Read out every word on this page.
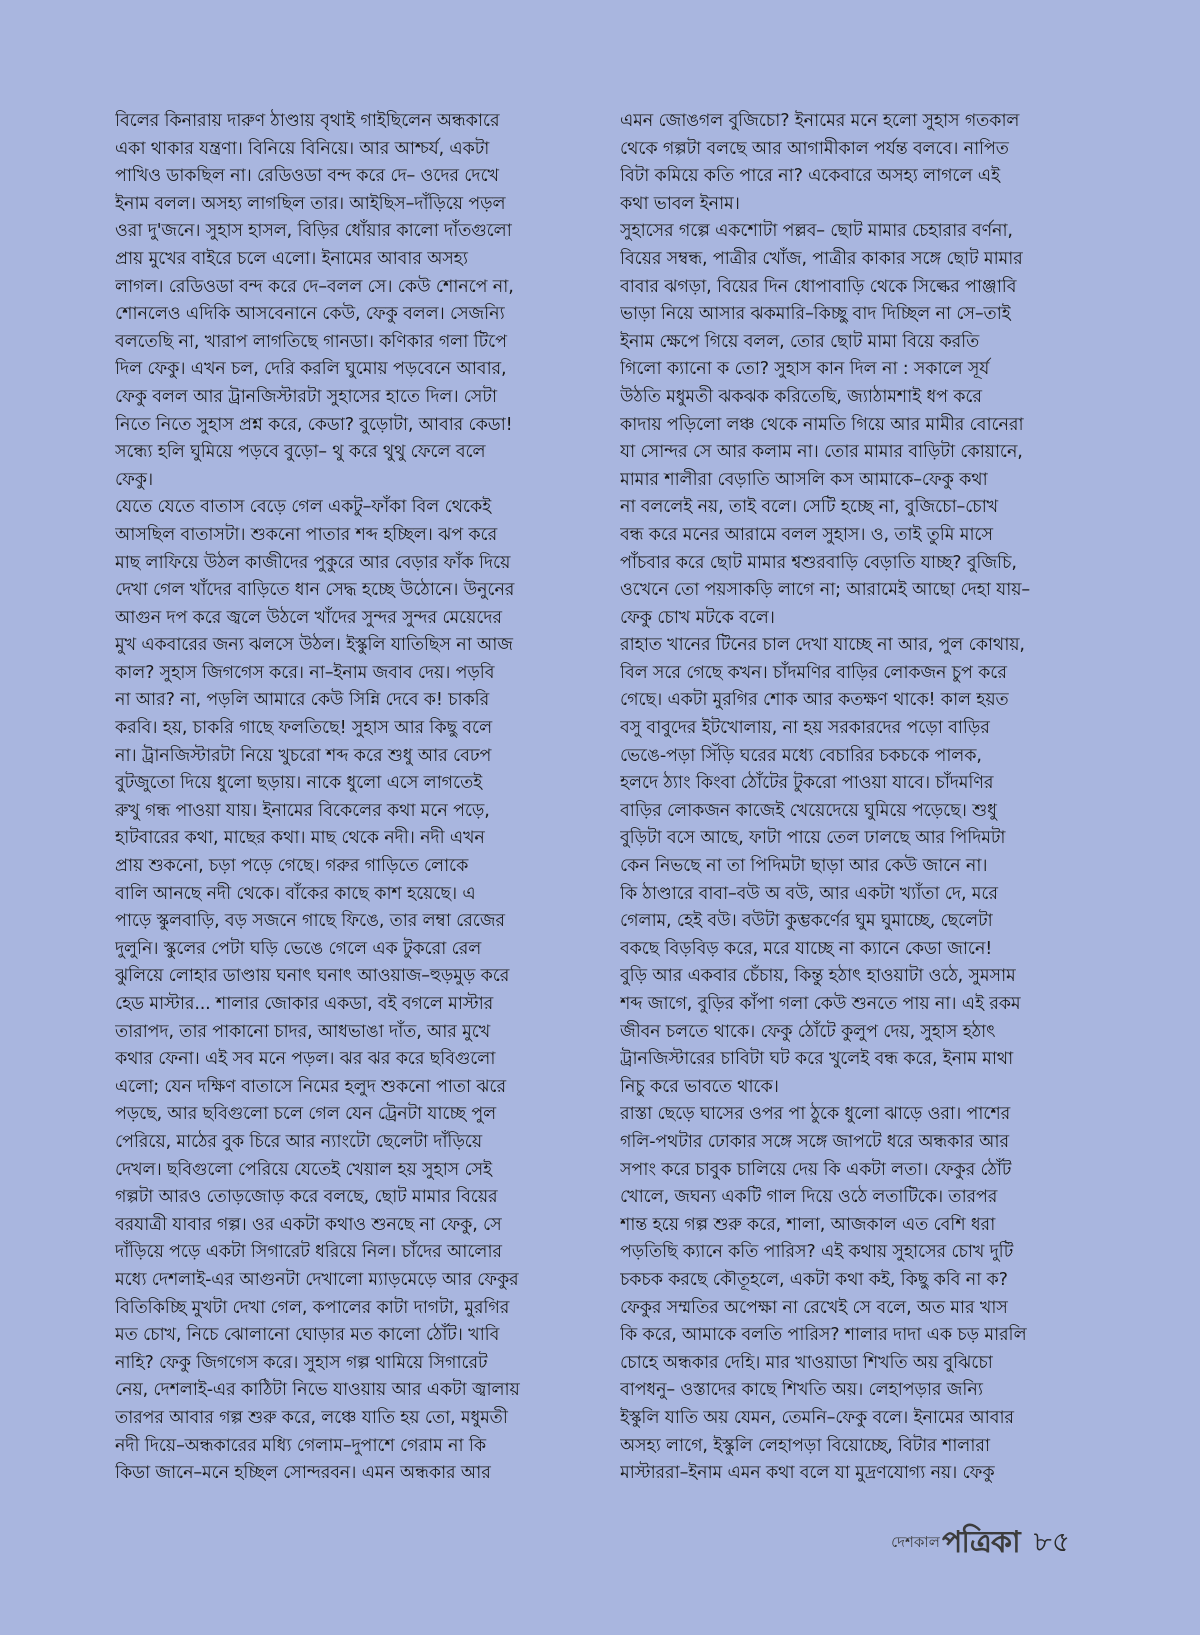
বিলের কিনারায় দারুণ ঠাণ্ডায় বৃথাই গাইছিলেন অন্ধকারে
একা থাকার যন্ত্রণা। বিনিয়ে বিনিয়ে। আর আশ্চর্য, একটা
পাখিও ডাকছিল না। রেডিওডা বন্দ করে দে– ওদের দেখে
ইনাম বলল। অসহ্য লাগছিল তার। আইছিস–দাঁড়িয়ে পড়ল
ওরা দু'জনে। সুহাস হাসল, বিড়ির ধোঁয়ার কালো দাঁতগুলো
প্রায় মুখের বাইরে চলে এলো। ইনামের আবার অসহ্য
লাগল। রেডিওডা বন্দ করে দে–বলল সে। কেউ শোনপে না,
শোনলেও এদিকি আসবেনানে কেউ, ফেকু বলল। সেজন্যি
বলতেছি না, খারাপ লাগতিছে গানডা। কণিকার গলা টিপে
দিল ফেকু। এখন চল, দেরি করলি ঘুমোয় পড়বেনে আবার,
ফেকু বলল আর ট্রানজিস্টারটা সুহাসের হাতে দিল। সেটা
নিতে নিতে সুহাস প্রশ্ন করে, কেডা? বুড়োটা, আবার কেডা!
সন্ধ্যে হলি ঘুমিয়ে পড়বে বুড়ো– থু করে থুথু ফেলে বলে
ফেকু।
যেতে যেতে বাতাস বেড়ে গেল একটু–ফাঁকা বিল থেকেই
আসছিল বাতাসটা। শুকনো পাতার শব্দ হচ্ছিল। ঝপ করে
মাছ লাফিয়ে উঠল কাজীদের পুকুরে আর বেড়ার ফাঁক দিয়ে
দেখা গেল খাঁদের বাড়িতে ধান সেদ্ধ হচ্ছে উঠোনে। উনুনের
আগুন দপ করে জ্বলে উঠলে খাঁদের সুন্দর সুন্দর মেয়েদের
মুখ একবারের জন্য ঝলসে উঠল। ইস্কুলি যাতিছিস না আজ
কাল? সুহাস জিগগেস করে। না–ইনাম জবাব দেয়। পড়বি
না আর? না, পড়লি আমারে কেউ সিন্নি দেবে ক! চাকরি
করবি। হয়, চাকরি গাছে ফলতিছে! সুহাস আর কিছু বলে
না। ট্রানজিস্টারটা নিয়ে খুচরো শব্দ করে শুধু আর বেঢপ
বুটজুতো দিয়ে ধুলো ছড়ায়। নাকে ধুলো এসে লাগতেই
রুখু গন্ধ পাওয়া যায়। ইনামের বিকেলের কথা মনে পড়ে,
হাটবারের কথা, মাছের কথা। মাছ থেকে নদী। নদী এখন
প্রায় শুকনো, চড়া পড়ে গেছে। গরুর গাড়িতে লোকে
বালি আনছে নদী থেকে। বাঁকের কাছে কাশ হয়েছে। এ
পাড়ে স্কুলবাড়ি, বড় সজনে গাছে ফিঙে, তার লম্বা রেজের
দুলুনি। স্কুলের পেটা ঘড়ি ভেঙে গেলে এক টুকরো রেল
ঝুলিয়ে লোহার ডাণ্ডায় ঘনাৎ ঘনাৎ আওয়াজ–হুড়মুড় করে
হেড মাস্টার... শালার জোকার একডা, বই বগলে মাস্টার
তারাপদ, তার পাকানো চাদর, আধভাঙা দাঁত, আর মুখে
কথার ফেনা। এই সব মনে পড়ল। ঝর ঝর করে ছবিগুলো
এলো; যেন দক্ষিণ বাতাসে নিমের হলুদ শুকনো পাতা ঝরে
পড়ছে, আর ছবিগুলো চলে গেল যেন ট্রেনটা যাচ্ছে পুল
পেরিয়ে, মাঠের বুক চিরে আর ন্যাংটো ছেলেটা দাঁড়িয়ে
দেখল। ছবিগুলো পেরিয়ে যেতেই খেয়াল হয় সুহাস সেই
গল্পটা আরও তোড়জোড় করে বলছে, ছোট মামার বিয়ের
বরযাত্রী যাবার গল্প। ওর একটা কথাও শুনছে না ফেকু, সে
দাঁড়িয়ে পড়ে একটা সিগারেট ধরিয়ে নিল। চাঁদের আলোর
মধ্যে দেশলাই-এর আগুনটা দেখালো ম্যাড়মেড়ে আর ফেকুর
বিতিকিচ্ছি মুখটা দেখা গেল, কপালের কাটা দাগটা, মুরগির
মত চোখ, নিচে ঝোলানো ঘোড়ার মত কালো ঠোঁট। খাবি
নাহি? ফেকু জিগগেস করে। সুহাস গল্প থামিয়ে সিগারেট
নেয়, দেশলাই-এর কাঠিটা নিভে যাওয়ায় আর একটা জ্বালায়
তারপর আবার গল্প শুরু করে, লঞ্চে যাতি হয় তো, মধুমতী
নদী দিয়ে–অন্ধকারের মধ্যি গেলাম–দুপাশে গেরাম না কি
কিডা জানে–মনে হচ্ছিল সোন্দরবন। এমন অন্ধকার আর
এমন জোঙগল বুজিচো? ইনামের মনে হলো সুহাস গতকাল
থেকে গল্পটা বলছে আর আগামীকাল পর্যন্ত বলবে। নাপিত
বিটা কমিয়ে কতি পারে না? একেবারে অসহ্য লাগলে এই
কথা ভাবল ইনাম।
সুহাসের গল্পে একশোটা পল্লব– ছোট মামার চেহারার বর্ণনা,
বিয়ের সম্বন্ধ, পাত্রীর খোঁজ, পাত্রীর কাকার সঙ্গে ছোট মামার
বাবার ঝগড়া, বিয়ের দিন ধোপাবাড়ি থেকে সিল্কের পাঞ্জাবি
ভাড়া নিয়ে আসার ঝকমারি–কিচ্ছু বাদ দিচ্ছিল না সে–তাই
ইনাম ক্ষেপে গিয়ে বলল, তোর ছোট মামা বিয়ে করতি
গিলো ক্যানো ক তো? সুহাস কান দিল না : সকালে সূর্য
উঠতি মধুমতী ঝকঝক করিতেছি, জ্যাঠামশাই ধপ করে
কাদায় পড়িলো লঞ্চ থেকে নামতি গিয়ে আর মামীর বোনেরা
যা সোন্দর সে আর কলাম না। তোর মামার বাড়িটা কোয়ানে,
মামার শালীরা বেড়াতি আসলি কস আমাকে–ফেকু কথা
না বললেই নয়, তাই বলে। সেটি হচ্ছে না, বুজিচো–চোখ
বন্ধ করে মনের আরামে বলল সুহাস। ও, তাই তুমি মাসে
পাঁচবার করে ছোট মামার শ্বশুরবাড়ি বেড়াতি যাচ্ছ? বুজিচি,
ওখেনে তো পয়সাকড়ি লাগে না; আরামেই আছো দেহা যায়–
ফেকু চোখ মটকে বলে।
রাহাত খানের টিনের চাল দেখা যাচ্ছে না আর, পুল কোথায়,
বিল সরে গেছে কখন। চাঁদমণির বাড়ির লোকজন চুপ করে
গেছে। একটা মুরগির শোক আর কতক্ষণ থাকে! কাল হয়ত
বসু বাবুদের ইটখোলায়, না হয় সরকারদের পড়ো বাড়ির
ভেঙে-পড়া সিঁড়ি ঘরের মধ্যে বেচারির চকচকে পালক,
হলদে ঠ্যাং কিংবা ঠোঁটের টুকরো পাওয়া যাবে। চাঁদমণির
বাড়ির লোকজন কাজেই খেয়েদেয়ে ঘুমিয়ে পড়েছে। শুধু
বুড়িটা বসে আছে, ফাটা পায়ে তেল ঢালছে আর পিদিমটা
কেন নিভছে না তা পিদিমটা ছাড়া আর কেউ জানে না।
কি ঠাণ্ডারে বাবা–বউ অ বউ, আর একটা খ্যাঁতা দে, মরে
গেলাম, হেই বউ। বউটা কুম্ভকর্ণের ঘুম ঘুমাচ্ছে, ছেলেটা
বকছে বিড়বিড় করে, মরে যাচ্ছে না ক্যানে কেডা জানে!
বুড়ি আর একবার চেঁচায়, কিন্তু হঠাৎ হাওয়াটা ওঠে, সুমসাম
শব্দ জাগে, বুড়ির কাঁপা গলা কেউ শুনতে পায় না। এই রকম
জীবন চলতে থাকে। ফেকু ঠোঁটে কুলুপ দেয়, সুহাস হঠাৎ
ট্রানজিস্টারের চাবিটা ঘট করে খুলেই বন্ধ করে, ইনাম মাথা
নিচু করে ভাবতে থাকে।
রাস্তা ছেড়ে ঘাসের ওপর পা ঠুকে ধুলো ঝাড়ে ওরা। পাশের
গলি-পথটার ঢোকার সঙ্গে সঙ্গে জাপটে ধরে অন্ধকার আর
সপাং করে চাবুক চালিয়ে দেয় কি একটা লতা। ফেকুর ঠোঁট
খোলে, জঘন্য একটি গাল দিয়ে ওঠে লতাটিকে। তারপর
শান্ত হয়ে গল্প শুরু করে, শালা, আজকাল এত বেশি ধরা
পড়তিছি ক্যানে কতি পারিস? এই কথায় সুহাসের চোখ দুটি
চকচক করছে কৌতূহলে, একটা কথা কই, কিছু কবি না ক?
ফেকুর সম্মতির অপেক্ষা না রেখেই সে বলে, অত মার খাস
কি করে, আমাকে বলতি পারিস? শালার দাদা এক চড় মারলি
চোহে অন্ধকার দেহি। মার খাওয়াডা শিখতি অয় বুঝিচো
বাপধনু– ওস্তাদের কাছে শিখতি অয়। লেহাপড়ার জন্যি
ইস্কুলি যাতি অয় যেমন, তেমনি–ফেকু বলে। ইনামের আবার
অসহ্য লাগে, ইস্কুলি লেহাপড়া বিয়োচ্ছে, বিটার শালারা
মাস্টাররা–ইনাম এমন কথা বলে যা মুদ্রণযোগ্য নয়। ফেকু
দেশকাল পত্রিকা ৮৫
